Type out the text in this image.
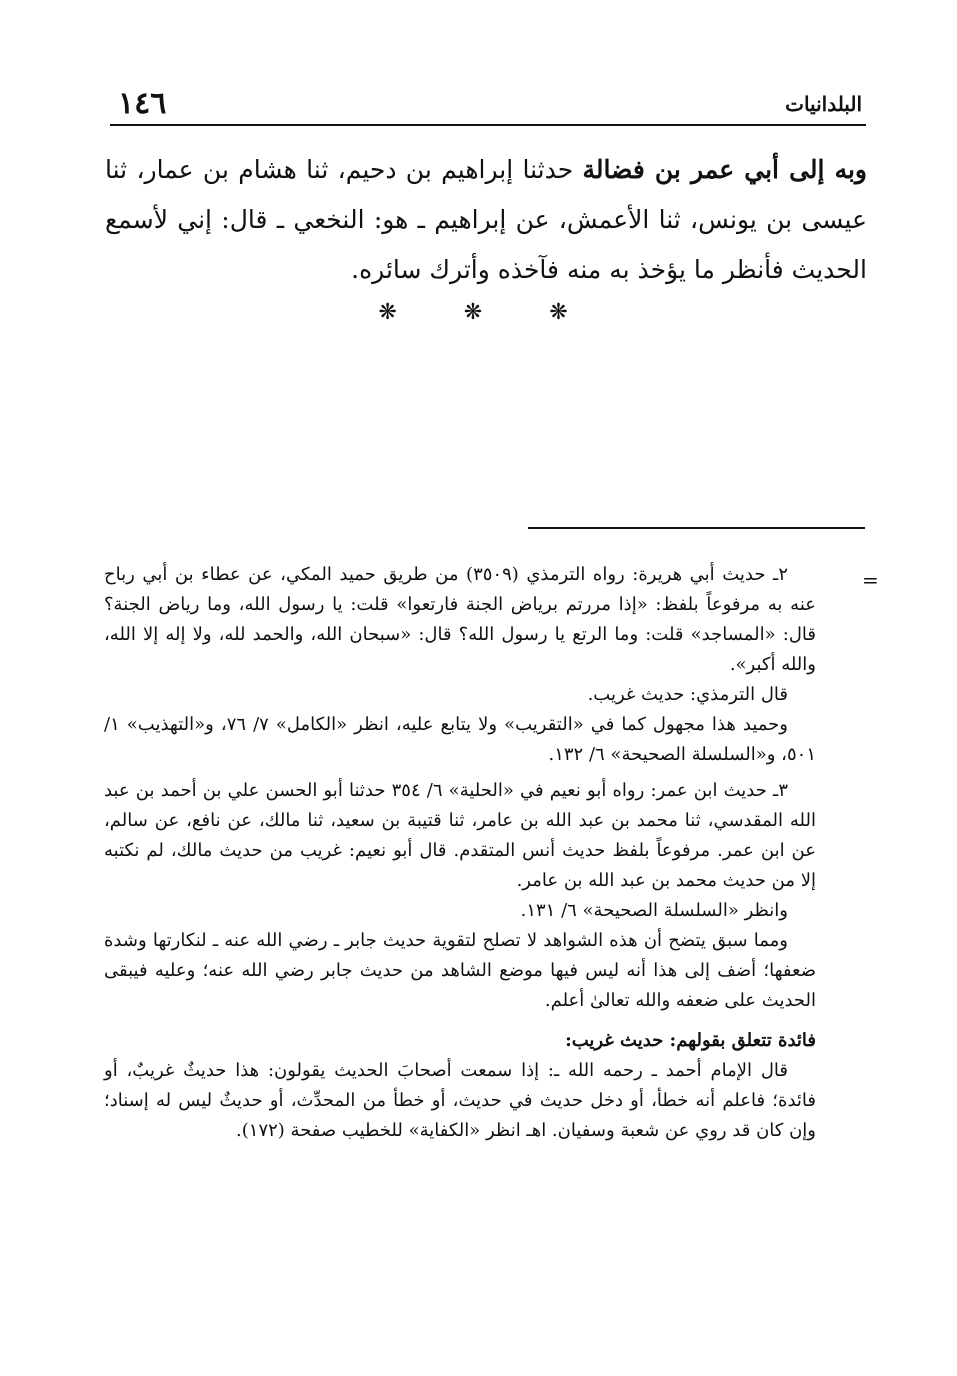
١٤٦	البلدانيات
وبه إلى أبي عمر بن فضالة حدثنا إبراهيم بن دحيم، ثنا هشام بن عمار، ثنا عيسى بن يونس، ثنا الأعمش، عن إبراهيم ـ هو: النخعي ـ قال: إني لأسمع الحديث فأنظر ما يؤخذ به منه فآخذه وأترك سائره.
❋ ❋ ❋
=

٢ـ حديث أبي هريرة: رواه الترمذي (٣٥٠٩) من طريق حميد المكي، عن عطاء بن أبي رباح عنه به مرفوعاً بلفظ: «إذا مررتم برياض الجنة فارتعوا» قلت: يا رسول الله، وما رياض الجنة؟ قال: «المساجد» قلت: وما الرتع يا رسول الله؟ قال: «سبحان الله، والحمد لله، ولا إله إلا الله، والله أكبر».

قال الترمذي: حديث غريب.

وحميد هذا مجهول كما في «التقريب» ولا يتابع عليه، انظر «الكامل» ٧/ ٧٦، و«التهذيب» ١/ ٥٠١، و«السلسلة الصحيحة» ٦/ ١٣٢.

٣ـ حديث ابن عمر: رواه أبو نعيم في «الحلية» ٦/ ٣٥٤ حدثنا أبو الحسن علي بن أحمد بن عبد الله المقدسي، ثنا محمد بن عبد الله بن عامر، ثنا قتيبة بن سعيد، ثنا مالك، عن نافع، عن سالم، عن ابن عمر. مرفوعاً بلفظ حديث أنس المتقدم. قال أبو نعيم: غريب من حديث مالك، لم نكتبه إلا من حديث محمد بن عبد الله بن عامر.

وانظر «السلسلة الصحيحة» ٦/ ١٣١.

ومما سبق يتضح أن هذه الشواهد لا تصلح لتقوية حديث جابر ـ رضي الله عنه ـ لنكارتها وشدة ضعفها؛ أضف إلى هذا أنه ليس فيها موضع الشاهد من حديث جابر رضي الله عنه؛ وعليه فيبقى الحديث على ضعفه والله تعالىٰ أعلم.

فائدة تتعلق بقولهم: حديث غريب:

قال الإمام أحمد ـ رحمه الله ـ: إذا سمعت أصحابَ الحديث يقولون: هذا حديثٌ غريبٌ، أو فائدة؛ فاعلم أنه خطأ، أو دخل حديث في حديث، أو خطأ من المحدِّث، أو حديثٌ ليس له إسناد؛ وإن كان قد روي عن شعبة وسفيان. اهـ انظر «الكفاية» للخطيب صفحة (١٧٢).
